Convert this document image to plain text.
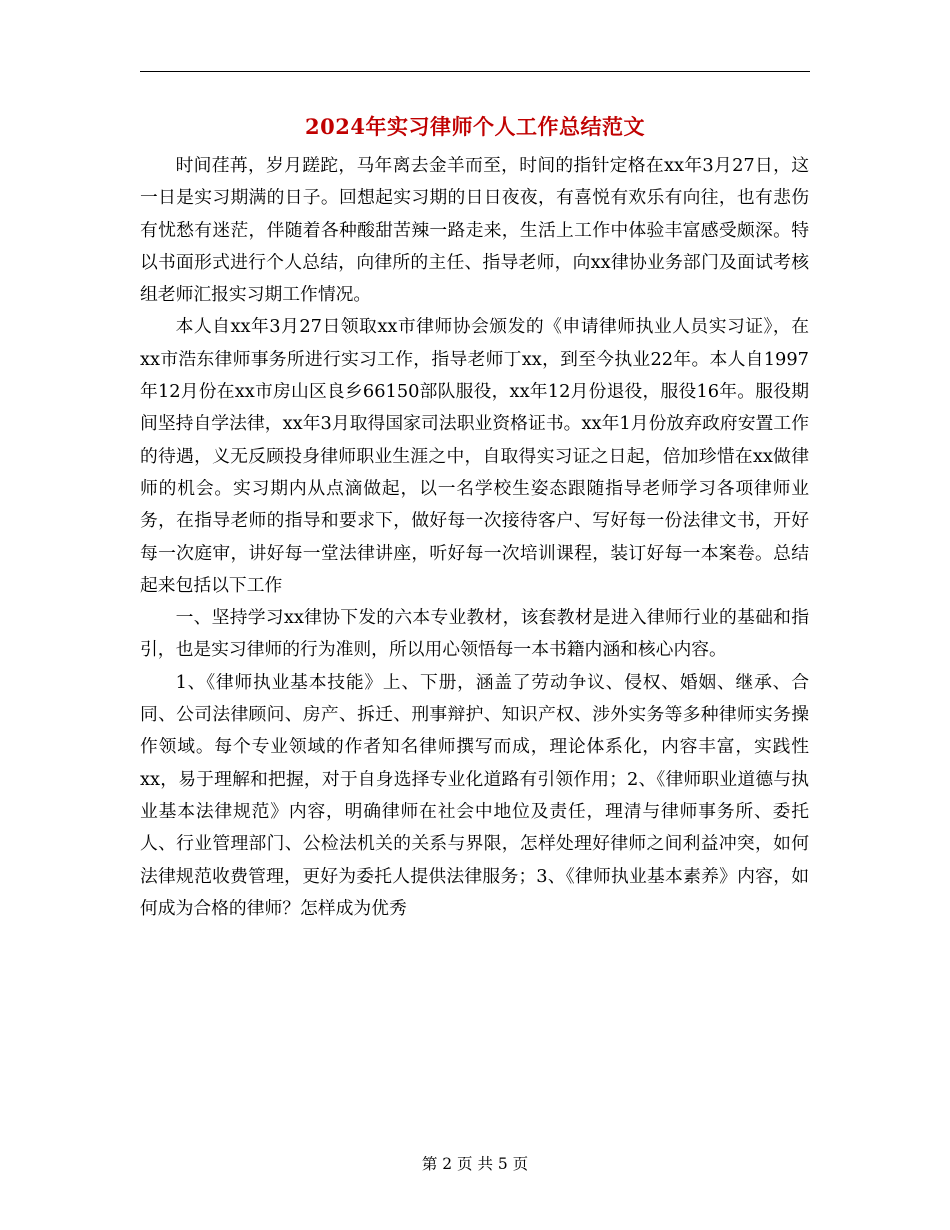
2024年实习律师个人工作总结范文

时间荏苒，岁月蹉跎，马年离去金羊而至，时间的指针定格在xx年3月27日，这一日是实习期满的日子。回想起实习期的日日夜夜，有喜悦有欢乐有向往，也有悲伤有忧愁有迷茫，伴随着各种酸甜苦辣一路走来，生活上工作中体验丰富感受颇深。特以书面形式进行个人总结，向律所的主任、指导老师，向xx律协业务部门及面试考核组老师汇报实习期工作情况。

本人自xx年3月27日领取xx市律师协会颁发的《申请律师执业人员实习证》，在xx市浩东律师事务所进行实习工作，指导老师丁xx，到至今执业22年。本人自1997年12月份在xx市房山区良乡66150部队服役，xx年12月份退役，服役16年。服役期间坚持自学法律，xx年3月取得国家司法职业资格证书。xx年1月份放弃政府安置工作的待遇，义无反顾投身律师职业生涯之中，自取得实习证之日起，倍加珍惜在xx做律师的机会。实习期内从点滴做起，以一名学校生姿态跟随指导老师学习各项律师业务，在指导老师的指导和要求下，做好每一次接待客户、写好每一份法律文书，开好每一次庭审，讲好每一堂法律讲座，听好每一次培训课程，装订好每一本案卷。总结起来包括以下工作

一、坚持学习xx律协下发的六本专业教材，该套教材是进入律师行业的基础和指引，也是实习律师的行为准则，所以用心领悟每一本书籍内涵和核心内容。

1、《律师执业基本技能》上、下册，涵盖了劳动争议、侵权、婚姻、继承、合同、公司法律顾问、房产、拆迁、刑事辩护、知识产权、涉外实务等多种律师实务操作领域。每个专业领域的作者知名律师撰写而成，理论体系化，内容丰富，实践性xx，易于理解和把握，对于自身选择专业化道路有引领作用；2、《律师职业道德与执业基本法律规范》内容，明确律师在社会中地位及责任，理清与律师事务所、委托人、行业管理部门、公检法机关的关系与界限，怎样处理好律师之间利益冲突，如何法律规范收费管理，更好为委托人提供法律服务；3、《律师执业基本素养》内容，如何成为合格的律师？怎样成为优秀

第 2 页 共 5 页
